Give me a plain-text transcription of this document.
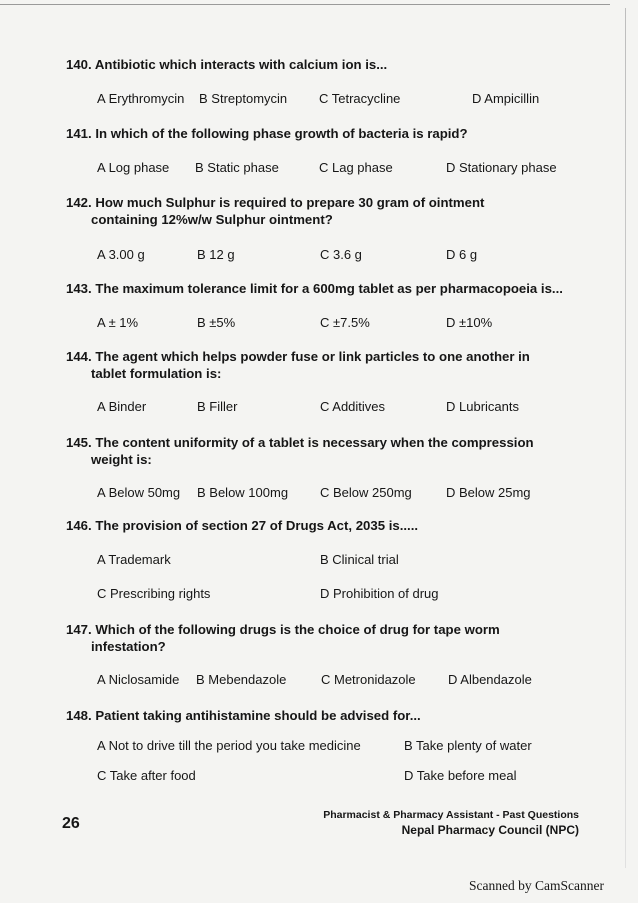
140. Antibiotic which interacts with calcium ion is...
A Erythromycin B Streptomycin C Tetracycline	D Ampicillin
141. In which of the following phase growth of bacteria is rapid?
A Log phase B Static phase	C Lag phase	D Stationary phase
142. How much Sulphur is required to prepare 30 gram of ointment
containing 12%w/w Sulphur ointment?
A 3.00 g	B 12 g	C 3.6 g	D 6 g
143. The maximum tolerance limit for a 600mg tablet as per pharmacopoeia is...
A ± 1%	B ±5%	C ±7.5%	D ±10%
144. The agent which helps powder fuse or link particles to one another in
tablet formulation is:
A Binder	B Filler	C Additives	D Lubricants
145. The content uniformity of a tablet is necessary when the compression
weight is:
A Below 50mg B Below 100mg C Below 250mg	D Below 25mg
146. The provision of section 27 of Drugs Act, 2035 is.....
A Trademark	B Clinical trial
C Prescribing rights	D Prohibition of drug
147. Which of the following drugs is the choice of drug for tape worm
infestation?
A Niclosamide B Mebendazole	C Metronidazole D Albendazole
148. Patient taking antihistamine should be advised for...
A Not to drive till the period you take medicine	B Take plenty of water
C Take after food	D Take before meal
26	Pharmacist & Pharmacy Assistant - Past Questions
Nepal Pharmacy Council (NPC)
Scanned by CamScanner
